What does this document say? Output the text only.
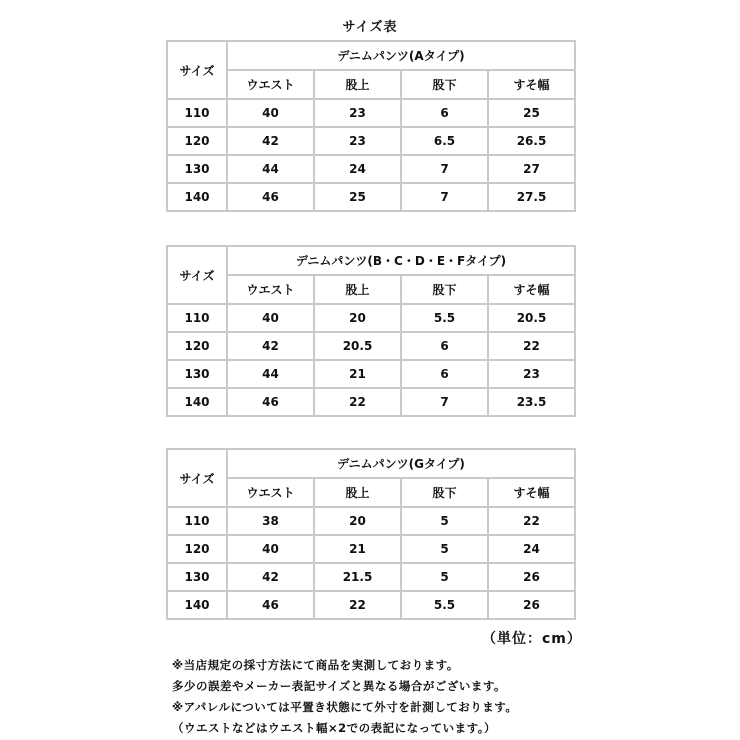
サイズ表
サイズ	デニムパンツ(Aタイプ)			
	ウエスト	股上	股下	すそ幅
110	40	23	6	25
120	42	23	6.5	26.5
130	44	24	7	27
140	46	25	7	27.5
サイズ	デニムパンツ(B・C・D・E・Fタイプ)			
	ウエスト	股上	股下	すそ幅
110	40	20	5.5	20.5
120	42	20.5	6	22
130	44	21	6	23
140	46	22	7	23.5
サイズ	デニムパンツ(Gタイプ)			
	ウエスト	股上	股下	すそ幅
110	38	20	5	22
120	40	21	5	24
130	42	21.5	5	26
140	46	22	5.5	26
（単位：cm）
※当店規定の採寸方法にて商品を実測しております。
多少の誤差やメーカー表記サイズと異なる場合がございます。
※アパレルについては平置き状態にて外寸を計測しております。
（ウエストなどはウエスト幅×2での表記になっています。）
